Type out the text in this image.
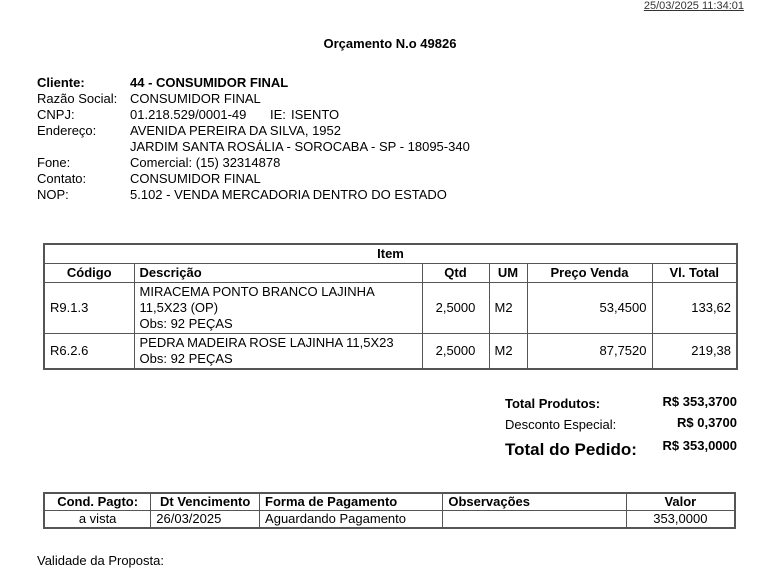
25/03/2025 11:34:01
Orçamento N.o 49826
Cliente:	44 - CONSUMIDOR FINAL
Razão Social: CONSUMIDOR FINAL
CNPJ:	01.218.529/0001-49 IE: ISENTO
Endereço:	AVENIDA PEREIRA DA SILVA, 1952
JARDIM SANTA ROSÁLIA - SOROCABA - SP - 18095-340
Fone:	Comercial: (15) 32314878
Contato:	CONSUMIDOR FINAL
NOP:	5.102 - VENDA MERCADORIA DENTRO DO ESTADO
Item					
Código	Descrição	Qtd	UM	Preço Venda	Vl. Total
R9.1.3	MIRACEMA PONTO BRANCO LAJINHA
11,5X23 (OP)
Obs: 92 PEÇAS	2,5000	M2	53,4500	133,62
R6.2.6	PEDRA MADEIRA ROSE LAJINHA 11,5X23
Obs: 92 PEÇAS	2,5000	M2	87,7520	219,38
Total Produtos:	R$ 353,3700
Desconto Especial:	R$ 0,3700
Total do Pedido:	R$ 353,0000
Cond. Pagto:	Dt Vencimento	Forma de Pagamento	Observações	Valor
a vista	26/03/2025	Aguardando Pagamento		353,0000
Validade da Proposta:
